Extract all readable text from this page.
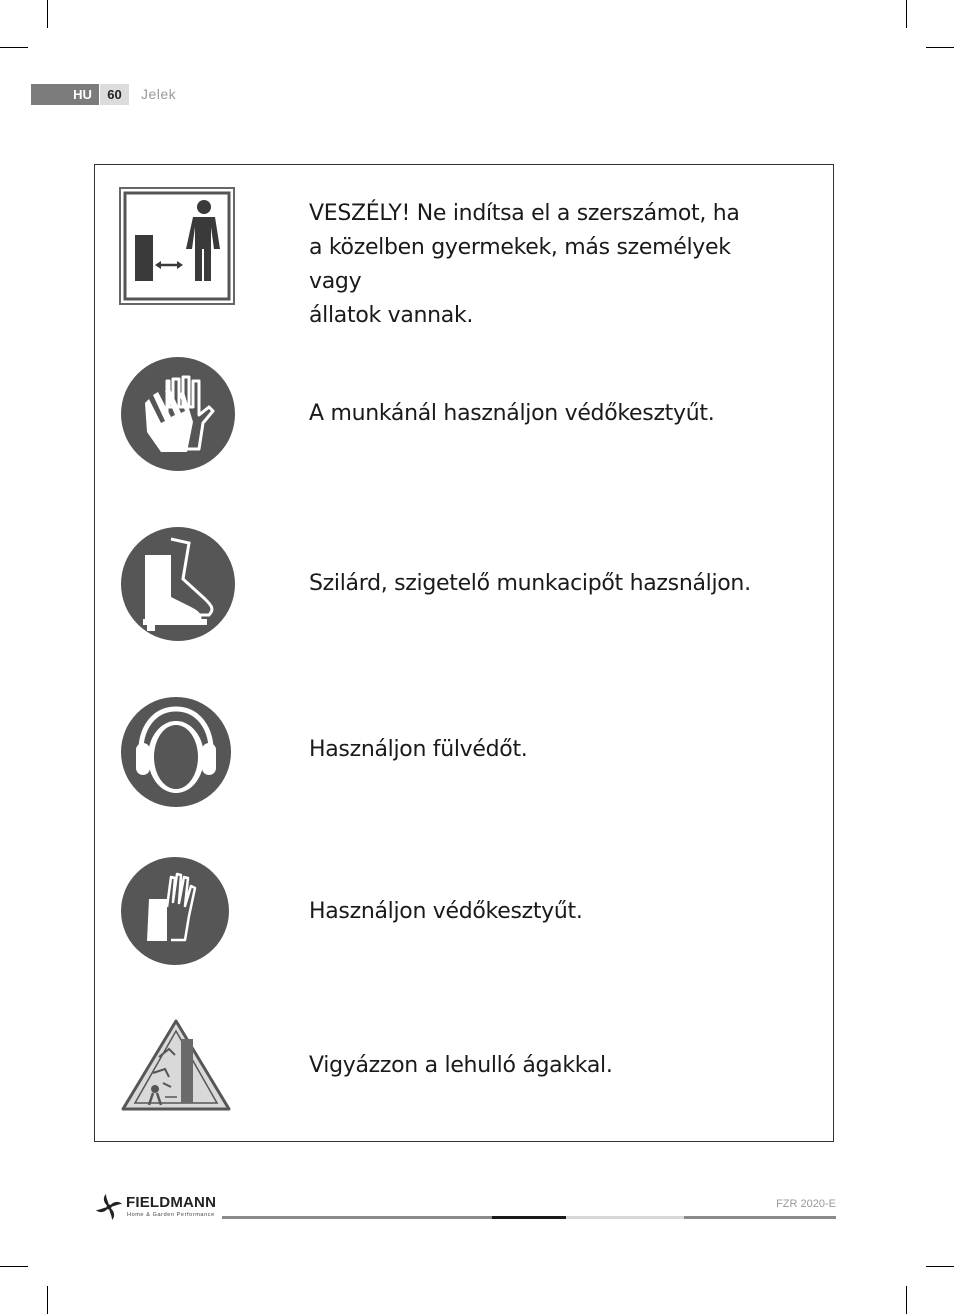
HU	60	Jelek
VESZÉLY! Ne indítsa el a szerszámot, ha
a közelben gyermekek, más személyek vagy
állatok vannak.
A munkánál használjon védőkesztyűt.
Szilárd, szigetelő munkacipőt hazsnáljon.
Használjon fülvédőt.
Használjon védőkesztyűt.
Vigyázzon a lehulló ágakkal.
FIELDMANN
Home & Garden Performance
FZR 2020-E
